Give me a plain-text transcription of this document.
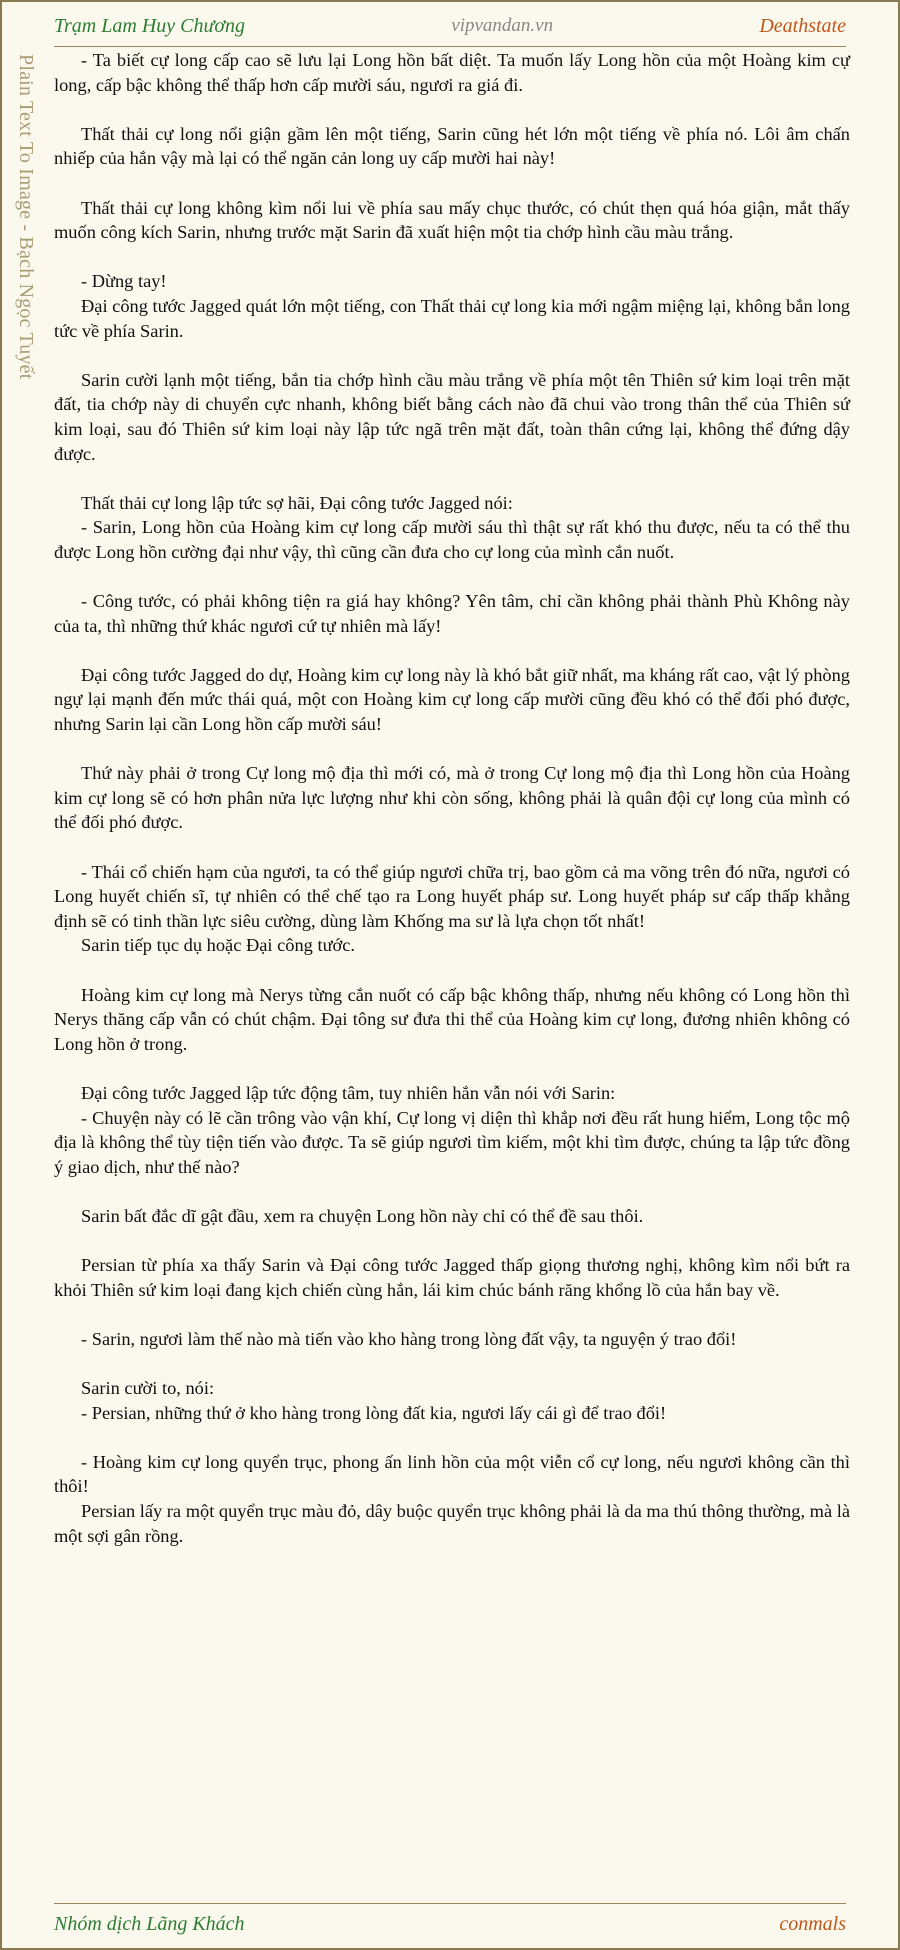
Trạm Lam Huy Chương	vipvandan.vn	Deathstate
Plain Text To Image - Bạch Ngọc Tuyết	- Ta biết cự long cấp cao sẽ lưu lại Long hồn bất diệt. Ta muốn lấy Long hồn của một Hoàng kim cự long, cấp bậc không thể thấp hơn cấp mười sáu, ngươi ra giá đi.

Thất thải cự long nổi giận gầm lên một tiếng, Sarin cũng hét lớn một tiếng về phía nó. Lôi âm chấn nhiếp của hắn vậy mà lại có thể ngăn cản long uy cấp mười hai này!

Thất thải cự long không kìm nổi lui về phía sau mấy chục thước, có chút thẹn quá hóa giận, mắt thấy muốn công kích Sarin, nhưng trước mặt Sarin đã xuất hiện một tia chớp hình cầu màu trắng.

- Dừng tay!

Đại công tước Jagged quát lớn một tiếng, con Thất thải cự long kia mới ngậm miệng lại, không bắn long tức về phía Sarin.

Sarin cười lạnh một tiếng, bắn tia chớp hình cầu màu trắng về phía một tên Thiên sứ kim loại trên mặt đất, tia chớp này di chuyển cực nhanh, không biết bằng cách nào đã chui vào trong thân thể của Thiên sứ kim loại, sau đó Thiên sứ kim loại này lập tức ngã trên mặt đất, toàn thân cứng lại, không thể đứng dậy được.

Thất thải cự long lập tức sợ hãi, Đại công tước Jagged nói:

- Sarin, Long hồn của Hoàng kim cự long cấp mười sáu thì thật sự rất khó thu được, nếu ta có thể thu được Long hồn cường đại như vậy, thì cũng cần đưa cho cự long của mình cắn nuốt.

- Công tước, có phải không tiện ra giá hay không? Yên tâm, chỉ cần không phải thành Phù Không này của ta, thì những thứ khác ngươi cứ tự nhiên mà lấy!

Đại công tước Jagged do dự, Hoàng kim cự long này là khó bắt giữ nhất, ma kháng rất cao, vật lý phòng ngự lại mạnh đến mức thái quá, một con Hoàng kim cự long cấp mười cũng đều khó có thể đối phó được, nhưng Sarin lại cần Long hồn cấp mười sáu!

Thứ này phải ở trong Cự long mộ địa thì mới có, mà ở trong Cự long mộ địa thì Long hồn của Hoàng kim cự long sẽ có hơn phân nửa lực lượng như khi còn sống, không phải là quân đội cự long của mình có thể đối phó được.

- Thái cổ chiến hạm của ngươi, ta có thể giúp ngươi chữa trị, bao gồm cả ma võng trên đó nữa, ngươi có Long huyết chiến sĩ, tự nhiên có thể chế tạo ra Long huyết pháp sư. Long huyết pháp sư cấp thấp khẳng định sẽ có tinh thần lực siêu cường, dùng làm Khống ma sư là lựa chọn tốt nhất!

Sarin tiếp tục dụ hoặc Đại công tước.

Hoàng kim cự long mà Nerys từng cắn nuốt có cấp bậc không thấp, nhưng nếu không có Long hồn thì Nerys thăng cấp vẫn có chút chậm. Đại tông sư đưa thi thể của Hoàng kim cự long, đương nhiên không có Long hồn ở trong.

Đại công tước Jagged lập tức động tâm, tuy nhiên hắn vẫn nói với Sarin:

- Chuyện này có lẽ cần trông vào vận khí, Cự long vị diện thì khắp nơi đều rất hung hiểm, Long tộc mộ địa là không thể tùy tiện tiến vào được. Ta sẽ giúp ngươi tìm kiếm, một khi tìm được, chúng ta lập tức đồng ý giao dịch, như thế nào?

Sarin bất đắc dĩ gật đầu, xem ra chuyện Long hồn này chỉ có thể đề sau thôi.

Persian từ phía xa thấy Sarin và Đại công tước Jagged thấp giọng thương nghị, không kìm nổi bứt ra khỏi Thiên sứ kim loại đang kịch chiến cùng hắn, lái kim chúc bánh răng khổng lồ của hắn bay về.

- Sarin, ngươi làm thế nào mà tiến vào kho hàng trong lòng đất vậy, ta nguyện ý trao đổi!

Sarin cười to, nói:

- Persian, những thứ ở kho hàng trong lòng đất kia, ngươi lấy cái gì để trao đổi!

- Hoàng kim cự long quyển trục, phong ấn linh hồn của một viễn cổ cự long, nếu ngươi không cần thì thôi!

Persian lấy ra một quyển trục màu đỏ, dây buộc quyển trục không phải là da ma thú thông thường, mà là một sợi gân rồng.

Nhóm dịch Lãng Khách	conmals
